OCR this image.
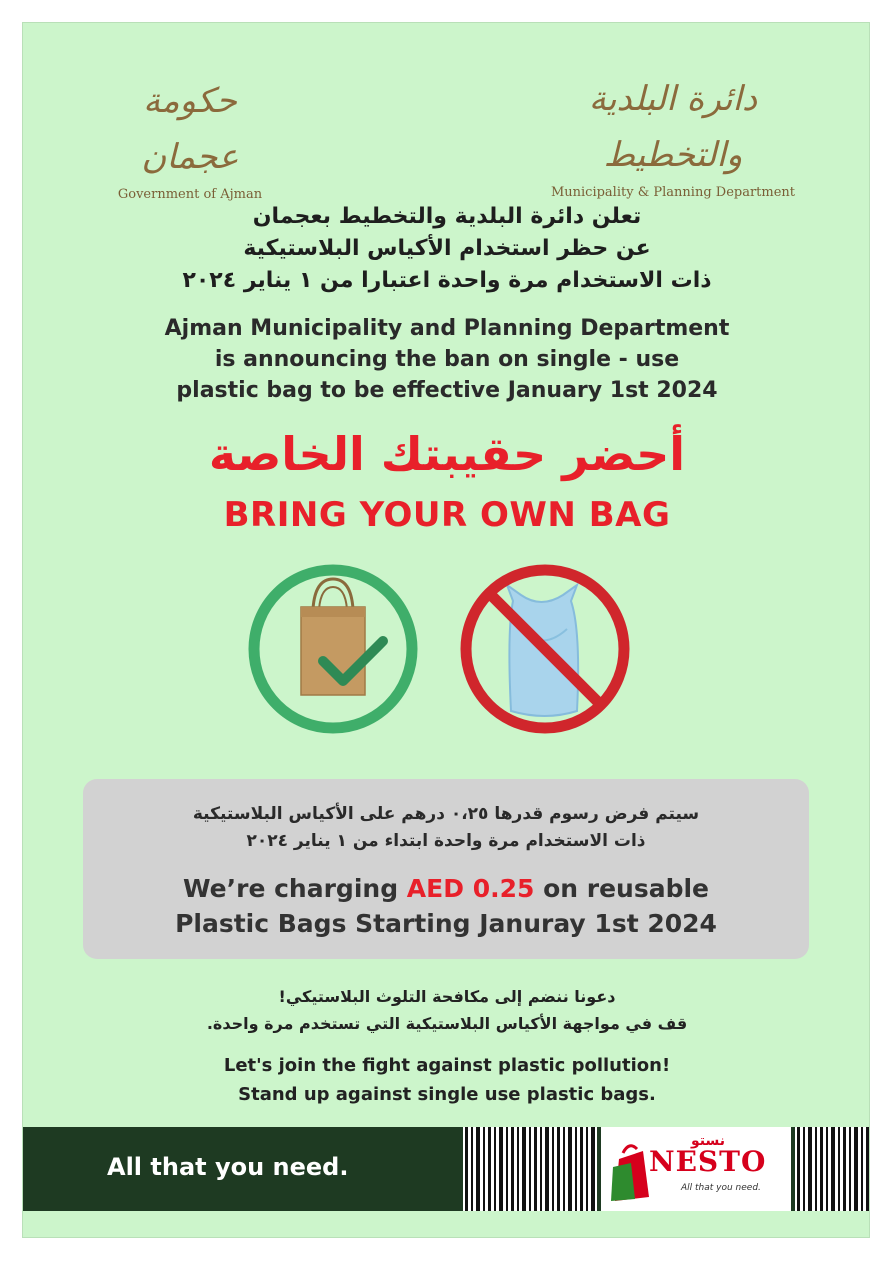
حكومة عجمان
Government of Ajman
دائرة البلدية والتخطيط
Municipality & Planning Department
تعلن دائرة البلدية والتخطيط بعجمان
عن حظر استخدام الأكياس البلاستيكية
ذات الاستخدام مرة واحدة اعتبارا من ١ يناير ٢٠٢٤
Ajman Municipality and Planning Department
is announcing the ban on single - use
plastic bag to be effective January 1st 2024
أحضر حقيبتك الخاصة
BRING YOUR OWN BAG
سيتم فرض رسوم قدرها ٠،٢٥ درهم على الأكياس البلاستيكية
ذات الاستخدام مرة واحدة ابتداء من ١ يناير ٢٠٢٤
We’re charging AED 0.25 on reusable
Plastic Bags Starting Januray 1st 2024
دعونا ننضم إلى مكافحة التلوث البلاستيكي!
قف في مواجهة الأكياس البلاستيكية التي تستخدم مرة واحدة.
Let's join the fight against plastic pollution!
Stand up against single use plastic bags.
All that you need.
نستو
NESTO
All that you need.
